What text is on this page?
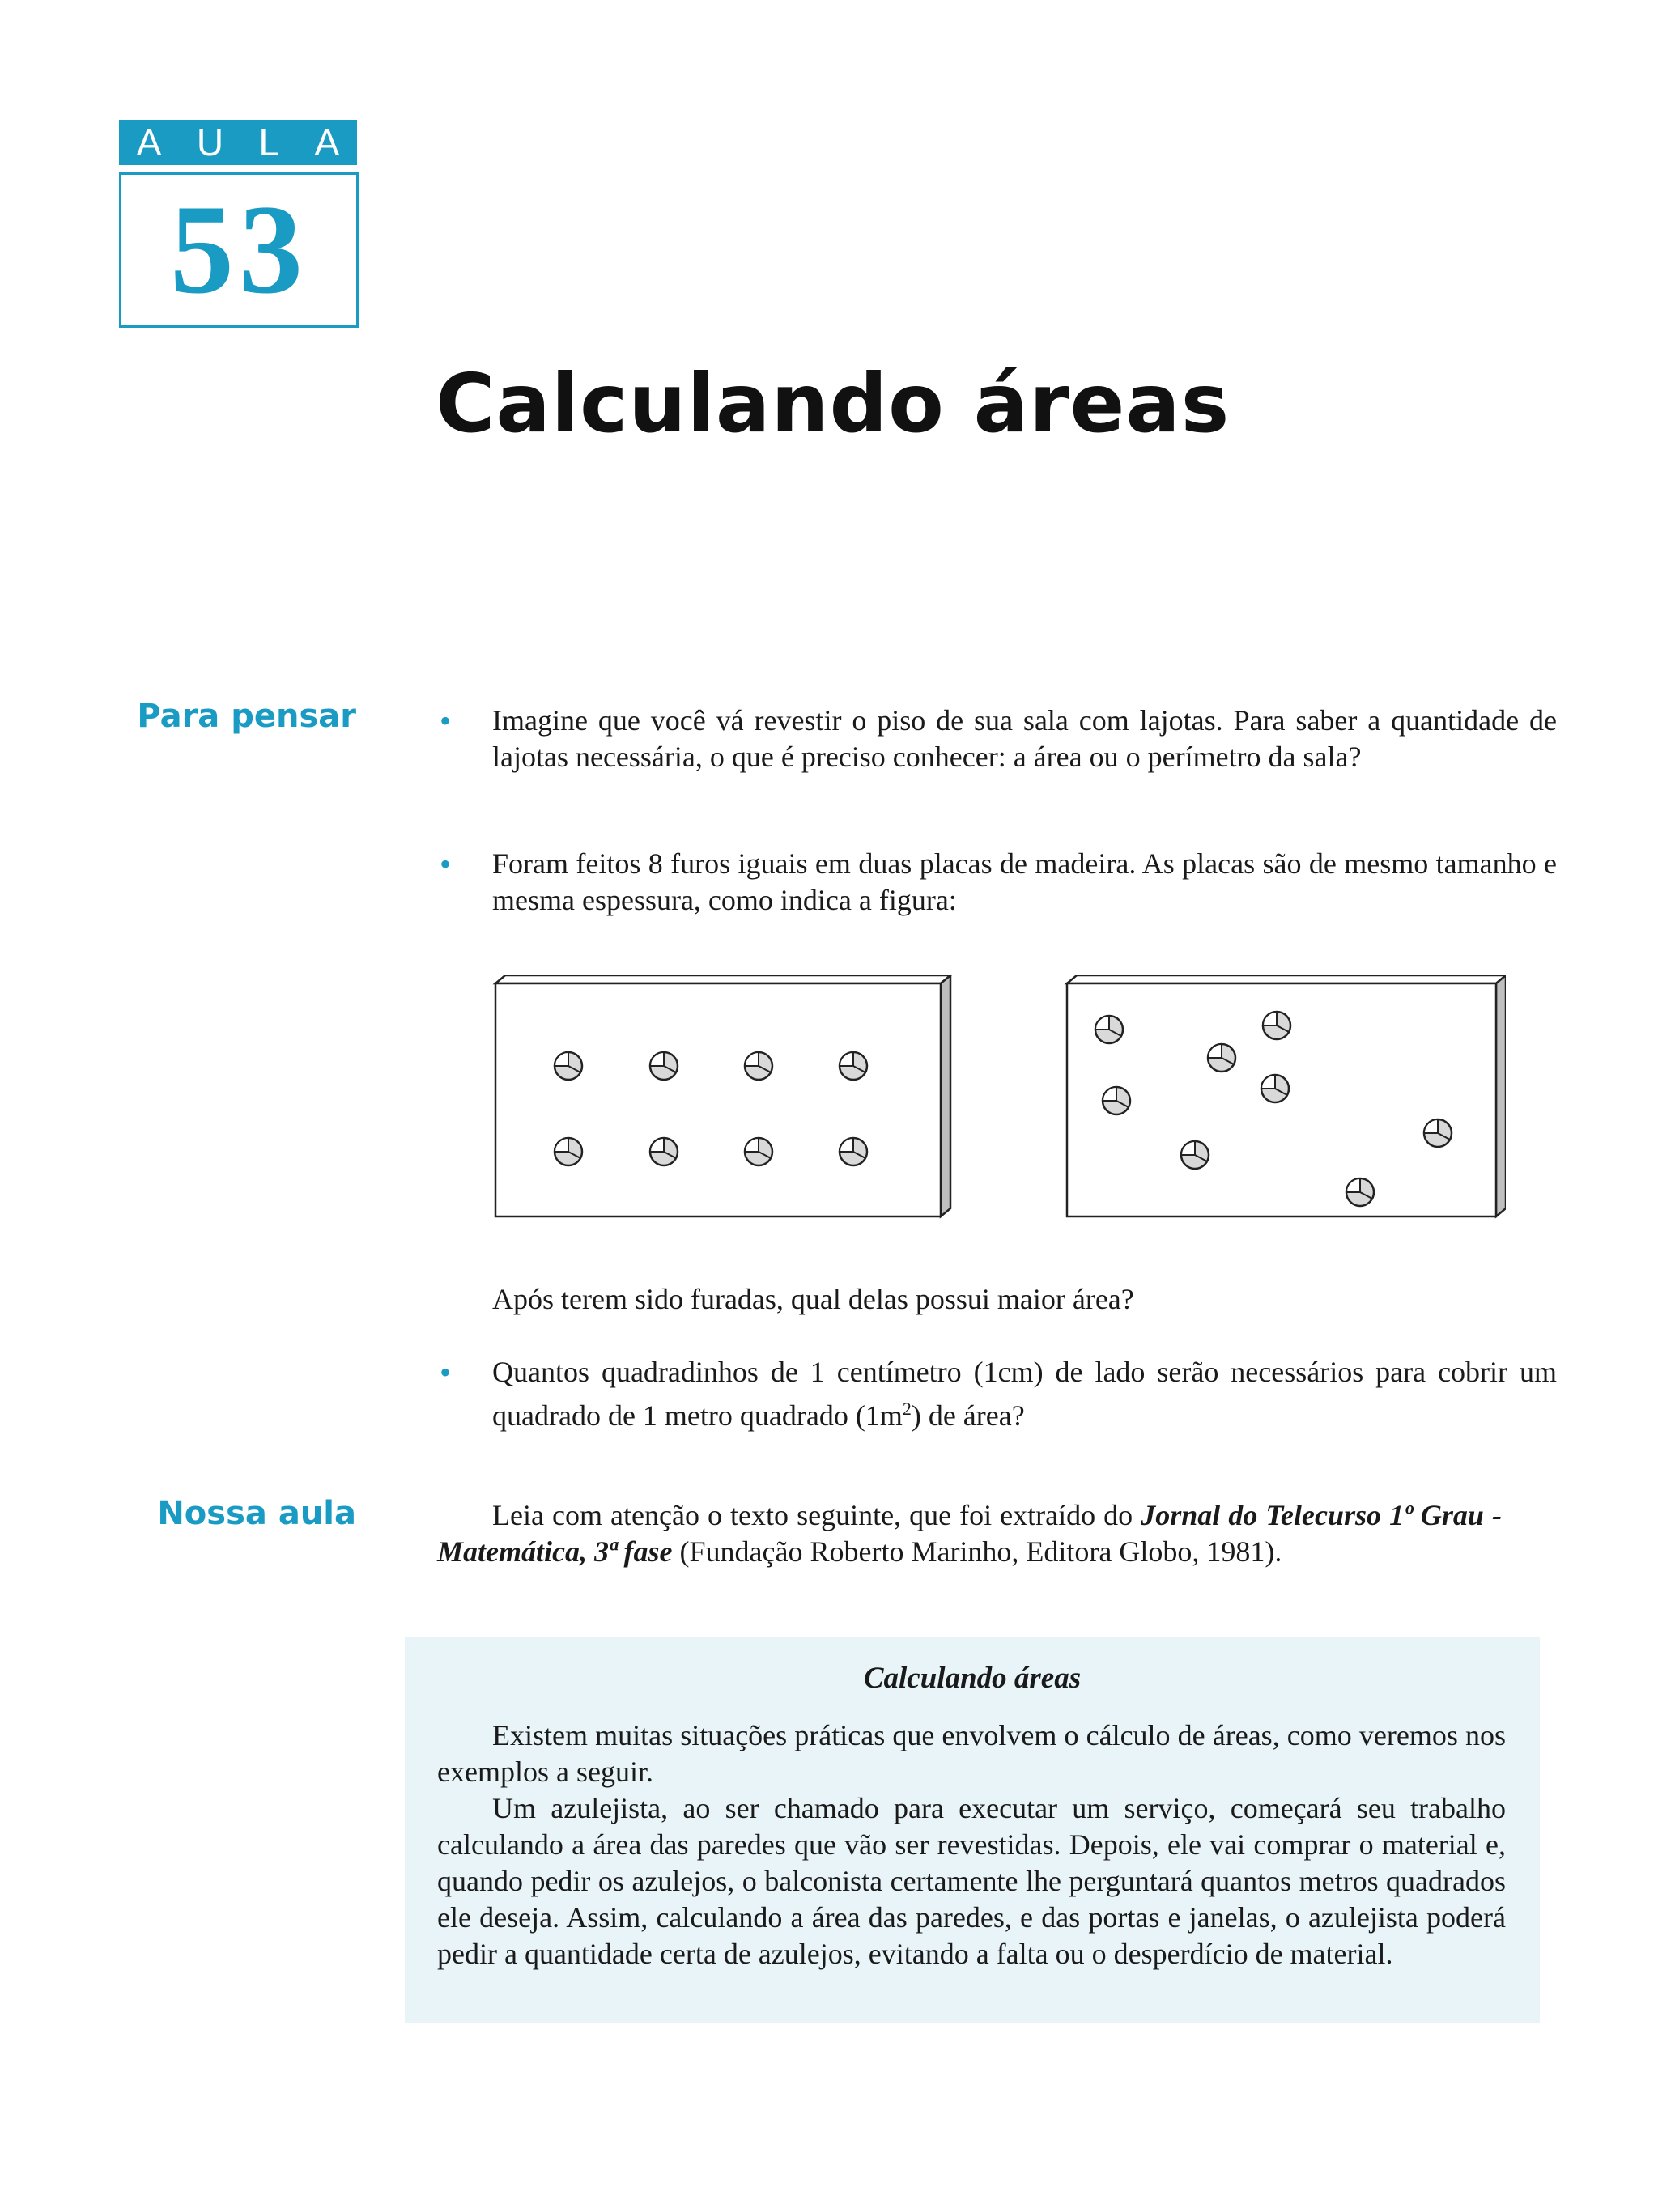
A U L A
53
Calculando áreas
Para pensar
Nossa aula
• Imagine que você vá revestir o piso de sua sala com lajotas. Para saber a quantidade de lajotas necessária, o que é preciso conhecer: a área ou o perímetro da sala?

• Foram feitos 8 furos iguais em duas placas de madeira. As placas são de mesmo tamanho e mesma espessura, como indica a figura:

Após terem sido furadas, qual delas possui maior área?
• Quantos quadradinhos de 1 centímetro (1cm) de lado serão necessários para cobrir um quadrado de 1 metro quadrado $(1m^2)$ de área?

Leia com atenção o texto seguinte, que foi extraído do Jornal do Telecurso 1º Grau - Matemática, 3ª fase (Fundação Roberto Marinho, Editora Globo, 1981).
Calculando áreas

Existem muitas situações práticas que envolvem o cálculo de áreas, como veremos nos exemplos a seguir.

Um azulejista, ao ser chamado para executar um serviço, começará seu trabalho calculando a área das paredes que vão ser revestidas. Depois, ele vai comprar o material e, quando pedir os azulejos, o balconista certamente lhe perguntará quantos metros quadrados ele deseja. Assim, calculando a área das paredes, e das portas e janelas, o azulejista poderá pedir a quantidade certa de azulejos, evitando a falta ou o desperdício de material.
